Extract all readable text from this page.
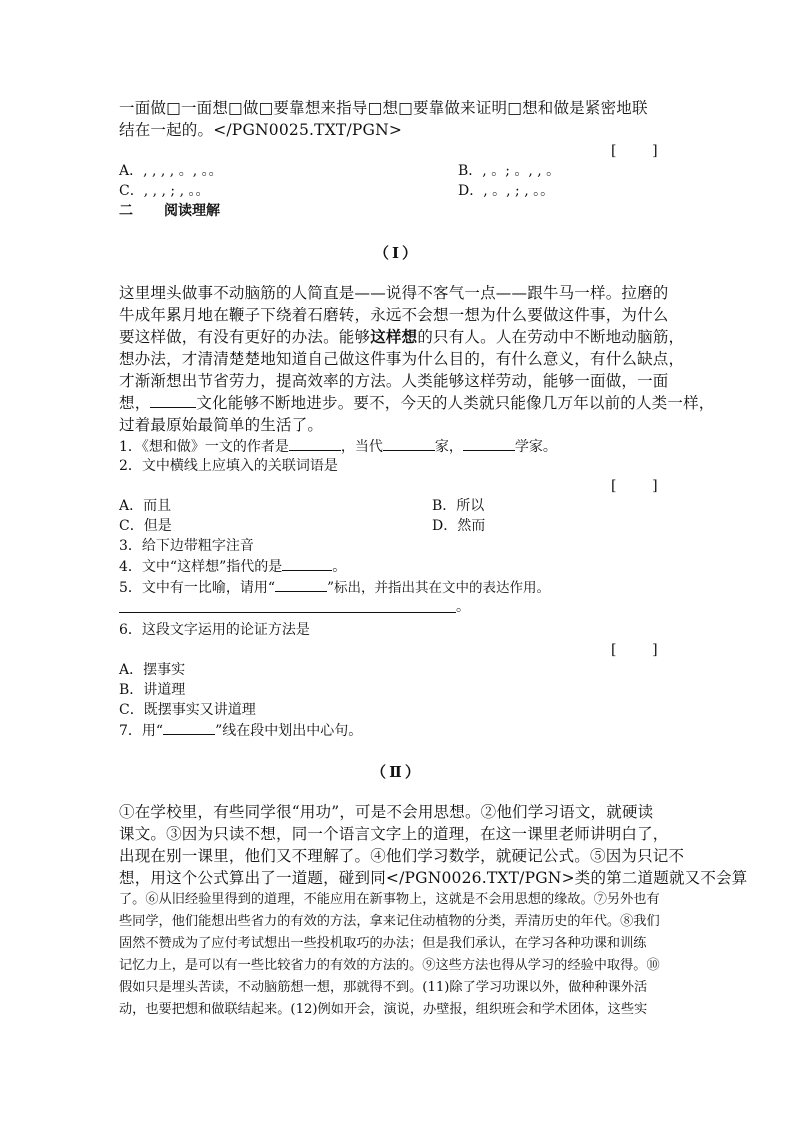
一面做□一面想□做□要靠想来指导□想□要靠做来证明□想和做是紧密地联
结在一起的。</PGN0025.TXT/PGN>
[        ]
A．, , , , 。, 。。	B．, 。; 。, , 。
C．, , , ; , 。。	D．, 。, ; , 。。
二 阅读理解
（Ⅰ）
这里埋头做事不动脑筋的人简直是——说得不客气一点——跟牛马一样。拉磨的
牛成年累月地在鞭子下绕着石磨转，永远不会想一想为什么要做这件事，为什么
要这样做，有没有更好的办法。能够这样想的只有人。人在劳动中不断地动脑筋，
想办法，才清清楚楚地知道自己做这件事为什么目的，有什么意义，有什么缺点，
才渐渐想出节省劳力，提高效率的方法。人类能够这样劳动，能够一面做，一面
想，	文化能够不断地进步。要不，今天的人类就只能像几万年以前的人类一样，
过着最原始最简单的生活了。
1．《想和做》一文的作者是	，当代	家，	学家。
2．文中横线上应填入的关联词语是
[        ]
A．而且	B．所以
C．但是	D．然而
3．给下边带粗字注音
4．文中“这样想”指代的是	。
5．文中有一比喻，请用“	”标出，并指出其在文中的表达作用。
。
6．这段文字运用的论证方法是
[        ]
A．摆事实
B．讲道理
C．既摆事实又讲道理
7．用“	”线在段中划出中心句。
（Ⅱ）
①在学校里，有些同学很“用功”，可是不会用思想。②他们学习语文，就硬读
课文。③因为只读不想，同一个语言文字上的道理，在这一课里老师讲明白了，
出现在别一课里，他们又不理解了。④他们学习数学，就硬记公式。⑤因为只记不
想，用这个公式算出了一道题，碰到同</PGN0026.TXT/PGN>类的第二道题就又不会算
了。⑥从旧经验里得到的道理，不能应用在新事物上，这就是不会用思想的缘故。⑦另外也有
些同学，他们能想出些省力的有效的方法，拿来记住动植物的分类，弄清历史的年代。⑧我们
固然不赞成为了应付考试想出一些投机取巧的办法；但是我们承认，在学习各种功课和训练
记忆力上，是可以有一些比较省力的有效的方法的。⑨这些方法也得从学习的经验中取得。⑩
假如只是埋头苦读，不动脑筋想一想，那就得不到。(11)除了学习功课以外，做种种课外活
动，也要把想和做联结起来。(12)例如开会，演说，办壁报，组织班会和学术团体，这些实
